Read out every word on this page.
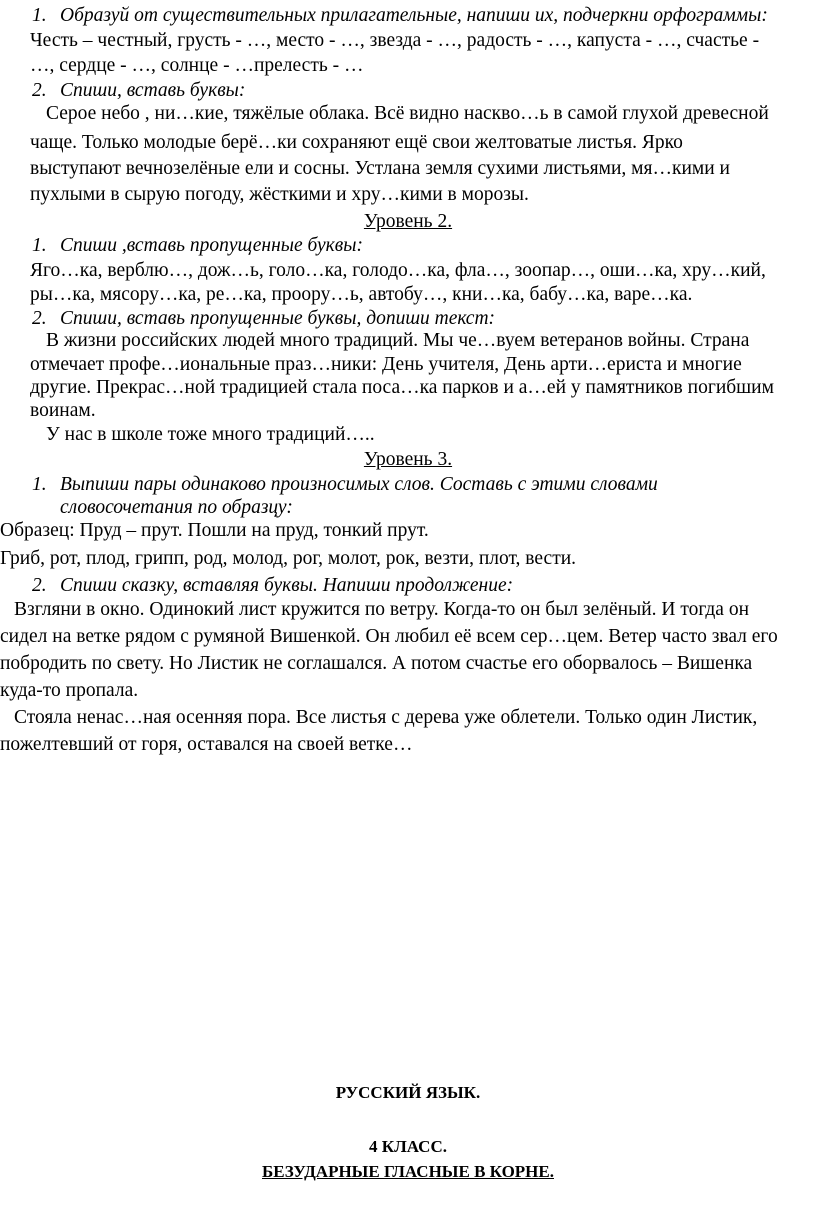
1. Образуй от существительных прилагательные, напиши их, подчеркни орфограммы:
Честь – честный, грусть - …, место - …, звезда - …, радость - …, капуста - …, счастье -
…, сердце - …, солнце - …прелесть - …
2. Спиши, вставь буквы:
Серое небо , ни…кие, тяжёлые облака. Всё видно насквo…ь в самой глухой древесной
чаще. Только молодые берё…ки сохраняют ещё свои желтоватые листья. Ярко
выступают вечнозелёные ели и сосны. Устлана земля сухими листьями, мя…кими и
пухлыми в сырую погоду, жёсткими и хру…кими в морозы.
Уровень 2.
1. Спиши ,вставь пропущенные буквы:
Яго…ка, верблю…, дож…ь, голо…ка, голодо…ка, фла…, зоопар…, оши…ка, хру…кий,
ры…ка, мясору…ка, ре…ка, проору…ь, автобу…, кни…ка, бабу…ка, варе…ка.
2. Спиши, вставь пропущенные буквы, допиши текст:
В жизни российских людей много традиций. Мы че…вуем ветеранов войны. Страна
отмечает профе…иональные праз…ники: День учителя, День арти…ериста и многие
другие. Прекрас…ной традицией стала поса…ка парков и а…ей у памятников погибшим
воинам.
У нас в школе тоже много традиций…..
Уровень 3.
1. Выпиши пары одинаково произносимых слов. Составь с этими словами
словосочетания по образцу:
Образец: Пруд – прут. Пошли на пруд, тонкий прут.
Гриб, рот, плод, грипп, род, молод, рог, молот, рок, везти, плот, вести.
2. Спиши сказку, вставляя буквы. Напиши продолжение:
Взгляни в окно. Одинокий лист кружится по ветру. Когда-то он был зелёный. И тогда он
сидел на ветке рядом с румяной Вишенкой. Он любил её всем сер…цем. Ветер часто звал его
побродить по свету. Но Листик не соглашался. А потом счастье его оборвалось – Вишенка
куда-то пропала.
Стояла ненас…ная осенняя пора. Все листья с дерева уже облетели. Только один Листик,
пожелтевший от горя, оставался на своей ветке…
РУССКИЙ ЯЗЫК.
4 КЛАСС.
БЕЗУДАРНЫЕ ГЛАСНЫЕ В КОРНЕ.
